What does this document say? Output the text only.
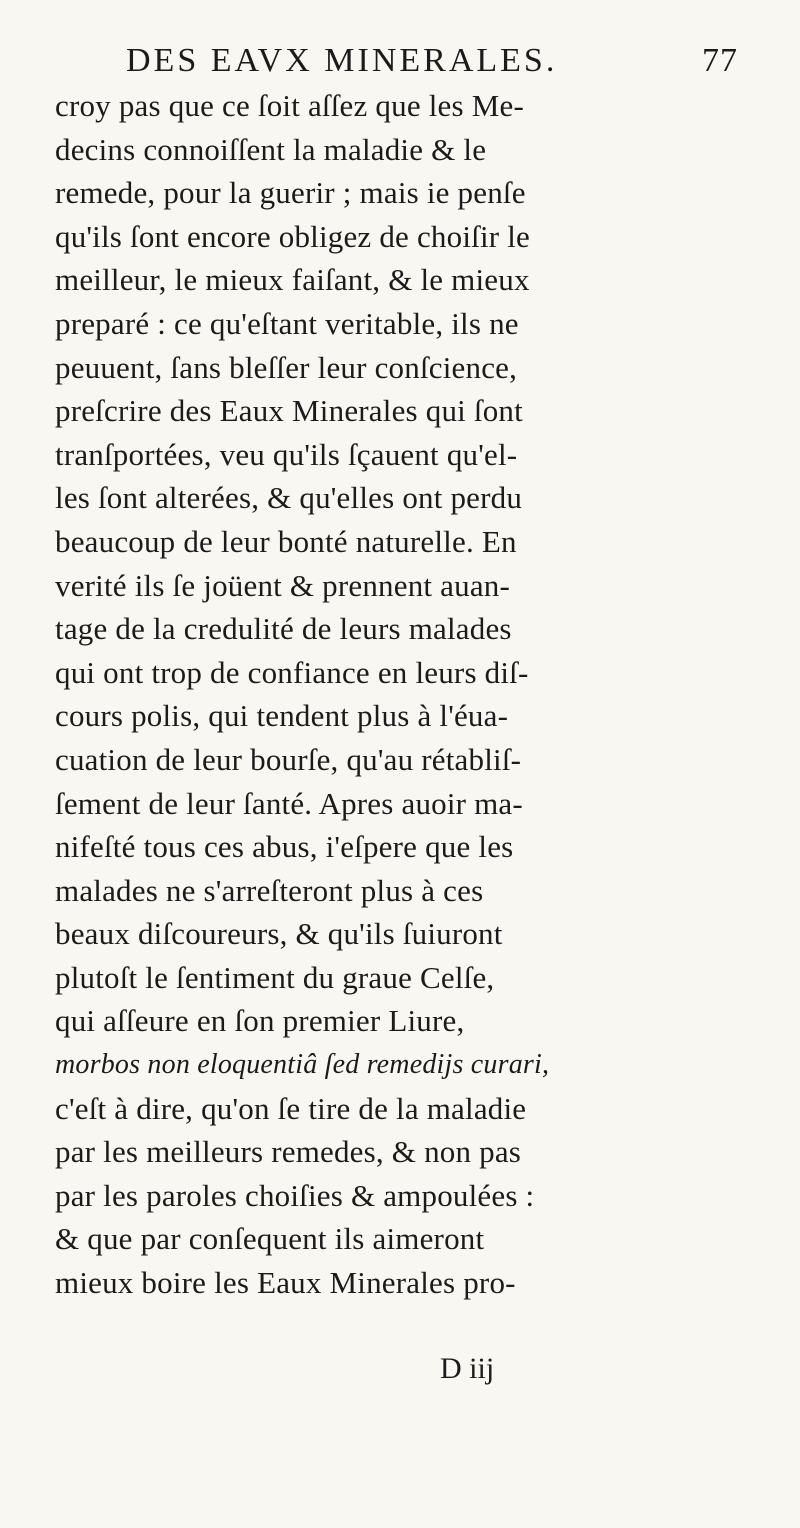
DES EAVX MINERALES.	77
croy pas que ce ſoit aſſez que les Me-
decins connoiſſent la maladie & le
remede, pour la guerir ; mais ie penſe
qu'ils ſont encore obligez de choiſir le
meilleur, le mieux faiſant, & le mieux
preparé : ce qu'eſtant veritable, ils ne
peuuent, ſans bleſſer leur conſcience,
preſcrire des Eaux Minerales qui ſont
tranſportées, veu qu'ils ſçauent qu'el-
les ſont alterées, & qu'elles ont perdu
beaucoup de leur bonté naturelle. En
verité ils ſe joüent & prennent auan-
tage de la credulité de leurs malades
qui ont trop de confiance en leurs diſ-
cours polis, qui tendent plus à l'éua-
cuation de leur bourſe, qu'au rétabliſ-
ſement de leur ſanté. Apres auoir ma-
nifeſté tous ces abus, i'eſpere que les
malades ne s'arreſteront plus à ces
beaux diſcoureurs, & qu'ils ſuiuront
plutoſt le ſentiment du graue Celſe,
qui aſſeure en ſon premier Liure,
morbos non eloquentiâ ſed remedijs curari,
c'eſt à dire, qu'on ſe tire de la maladie
par les meilleurs remedes, & non pas
par les paroles choiſies & ampoulées :
& que par conſequent ils aimeront
mieux boire les Eaux Minerales pro-
D iij
